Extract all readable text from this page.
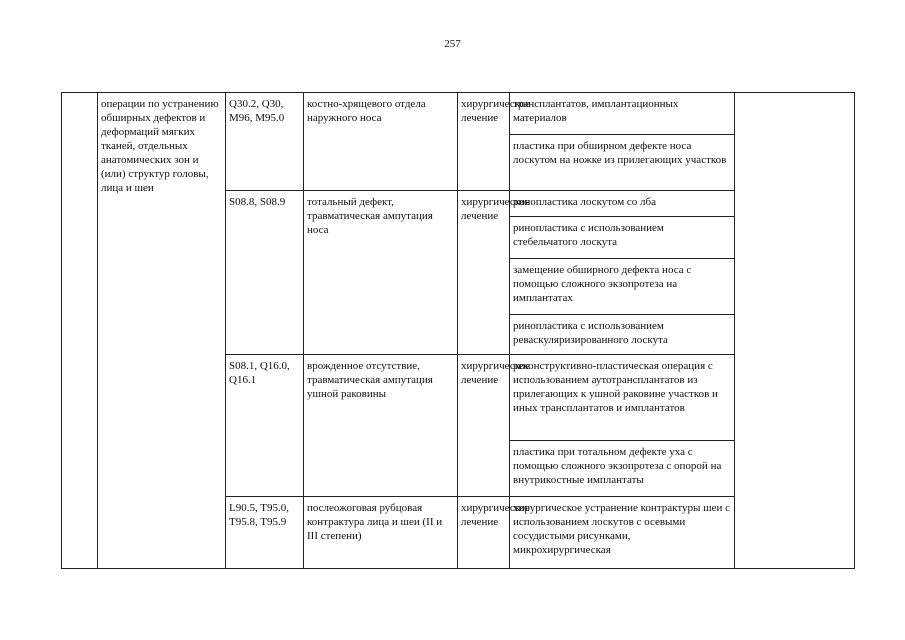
257
	операции по устранению обширных дефектов и деформаций мягких тканей, отдельных анатомических зон и (или) структур головы, лица и шеи	Q30.2, Q30, M96, M95.0	костно-хрящевого отдела наружного носа	хирургическое лечение	трансплантатов, имплантационных материалов	
					пластика при обширном дефекте носа лоскутом на ножке из прилегающих участков	
		S08.8, S08.9	тотальный дефект, травматическая ампутация носа	хирургическое лечение	ринопластика лоскутом со лба	
					ринопластика с использованием стебельчатого лоскута	
					замещение обширного дефекта носа с помощью сложного экзопротеза на имплантатах	
					ринопластика с использованием реваскуляризированного лоскута	
		S08.1, Q16.0, Q16.1	врожденное отсутствие, травматическая ампутация ушной раковины	хирургическое лечение	реконструктивно-пластическая операция с использованием аутотрансплантатов из прилегающих к ушной раковине участков и иных трансплантатов и имплантатов	
					пластика при тотальном дефекте уха с помощью сложного экзопротеза с опорой на внутрикостные имплантаты	
		L90.5, T95.0, T95.8, T95.9	послеожоговая рубцовая контрактура лица и шеи (II и III степени)	хирургическое лечение	хирургическое устранение контрактуры шеи с использованием лоскутов с осевыми сосудистыми рисунками, микрохирургическая	
